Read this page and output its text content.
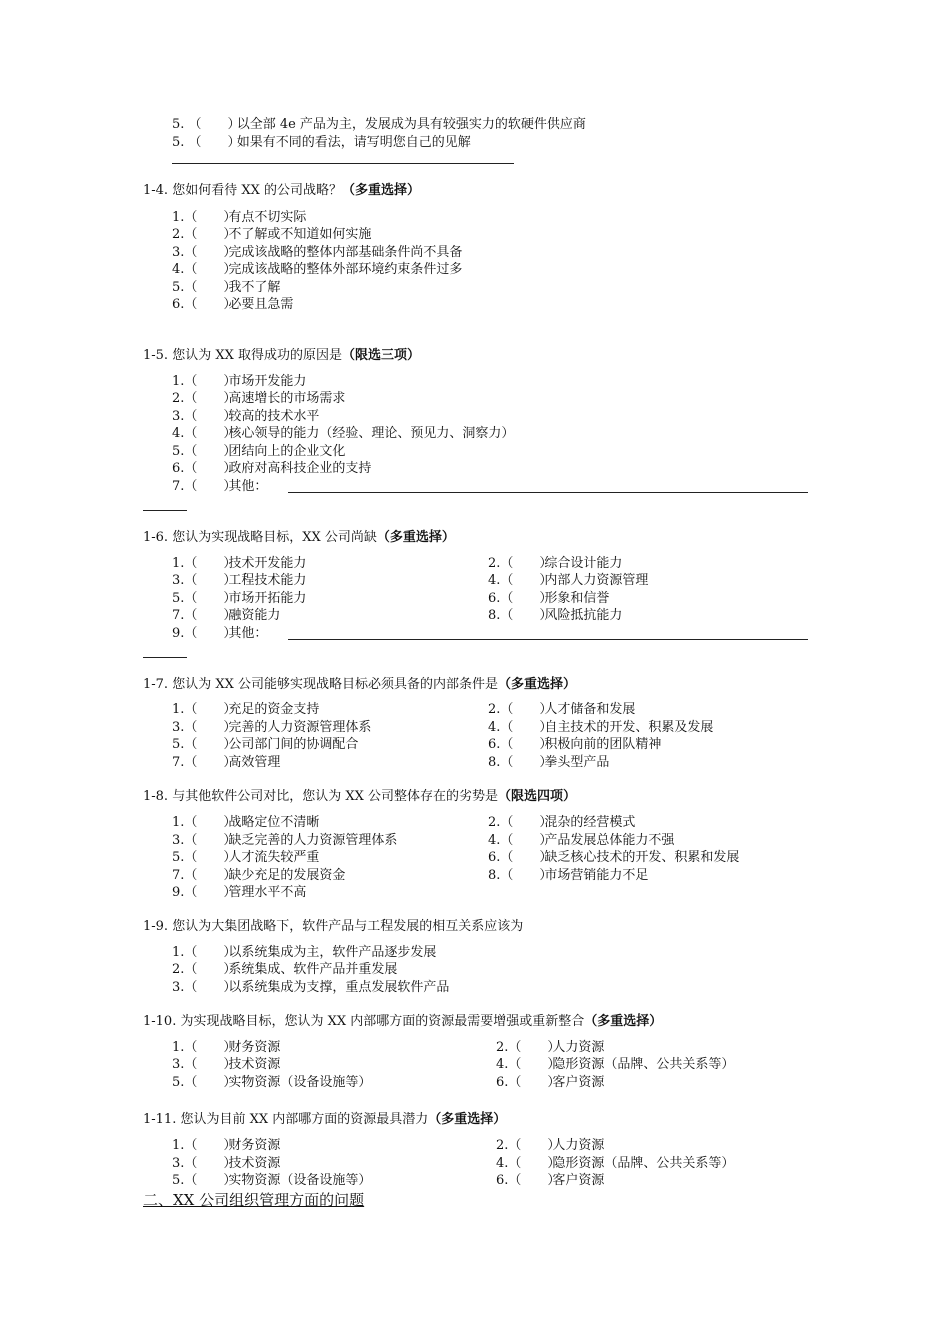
5. （　　） 以全部 4e 产品为主，发展成为具有较强实力的软硬件供应商
5. （　　） 如果有不同的看法，请写明您自己的见解
1-4. 您如何看待 XX 的公司战略？（多重选择）
1.（　　）有点不切实际
2.（　　）不了解或不知道如何实施
3.（　　）完成该战略的整体内部基础条件尚不具备
4.（　　）完成该战略的整体外部环境约束条件过多
5.（　　）我不了解
6.（　　）必要且急需
1-5. 您认为 XX 取得成功的原因是（限选三项）
1.（　　）市场开发能力
2.（　　）高速增长的市场需求
3.（　　）较高的技术水平
4.（　　）核心领导的能力（经验、理论、预见力、洞察力）
5.（　　）团结向上的企业文化
6.（　　）政府对高科技企业的支持
7.（　　）其他：
1-6. 您认为实现战略目标，XX 公司尚缺（多重选择）
1.（　　）技术开发能力	2.（　　）综合设计能力
3.（　　）工程技术能力	4.（　　）内部人力资源管理
5.（　　）市场开拓能力	6.（　　）形象和信誉
7.（　　）融资能力	8.（　　）风险抵抗能力
9.（　　）其他：
1-7. 您认为 XX 公司能够实现战略目标必须具备的内部条件是（多重选择）
1.（　　）充足的资金支持	2.（　　）人才储备和发展
3.（　　）完善的人力资源管理体系	4.（　　）自主技术的开发、积累及发展
5.（　　）公司部门间的协调配合	6.（　　）积极向前的团队精神
7.（　　）高效管理	8.（　　）拳头型产品
1-8. 与其他软件公司对比，您认为 XX 公司整体存在的劣势是（限选四项）
1.（　　）战略定位不清晰	2.（　　）混杂的经营模式
3.（　　）缺乏完善的人力资源管理体系	4.（　　）产品发展总体能力不强
5.（　　）人才流失较严重	6.（　　）缺乏核心技术的开发、积累和发展
7.（　　）缺少充足的发展资金	8.（　　）市场营销能力不足
9.（　　）管理水平不高
1-9. 您认为大集团战略下，软件产品与工程发展的相互关系应该为
1.（　　）以系统集成为主，软件产品逐步发展
2.（　　）系统集成、软件产品并重发展
3.（　　）以系统集成为支撑，重点发展软件产品
1-10. 为实现战略目标，您认为 XX 内部哪方面的资源最需要增强或重新整合（多重选择）
1.（　　）财务资源	2.（　　）人力资源
3.（　　）技术资源	4.（　　）隐形资源（品牌、公共关系等）
5.（　　）实物资源（设备设施等）	6.（　　）客户资源
1-11. 您认为目前 XX 内部哪方面的资源最具潜力（多重选择）
1.（　　）财务资源	2.（　　）人力资源
3.（　　）技术资源	4.（　　）隐形资源（品牌、公共关系等）
5.（　　）实物资源（设备设施等）	6.（　　）客户资源
二、XX 公司组织管理方面的问题
